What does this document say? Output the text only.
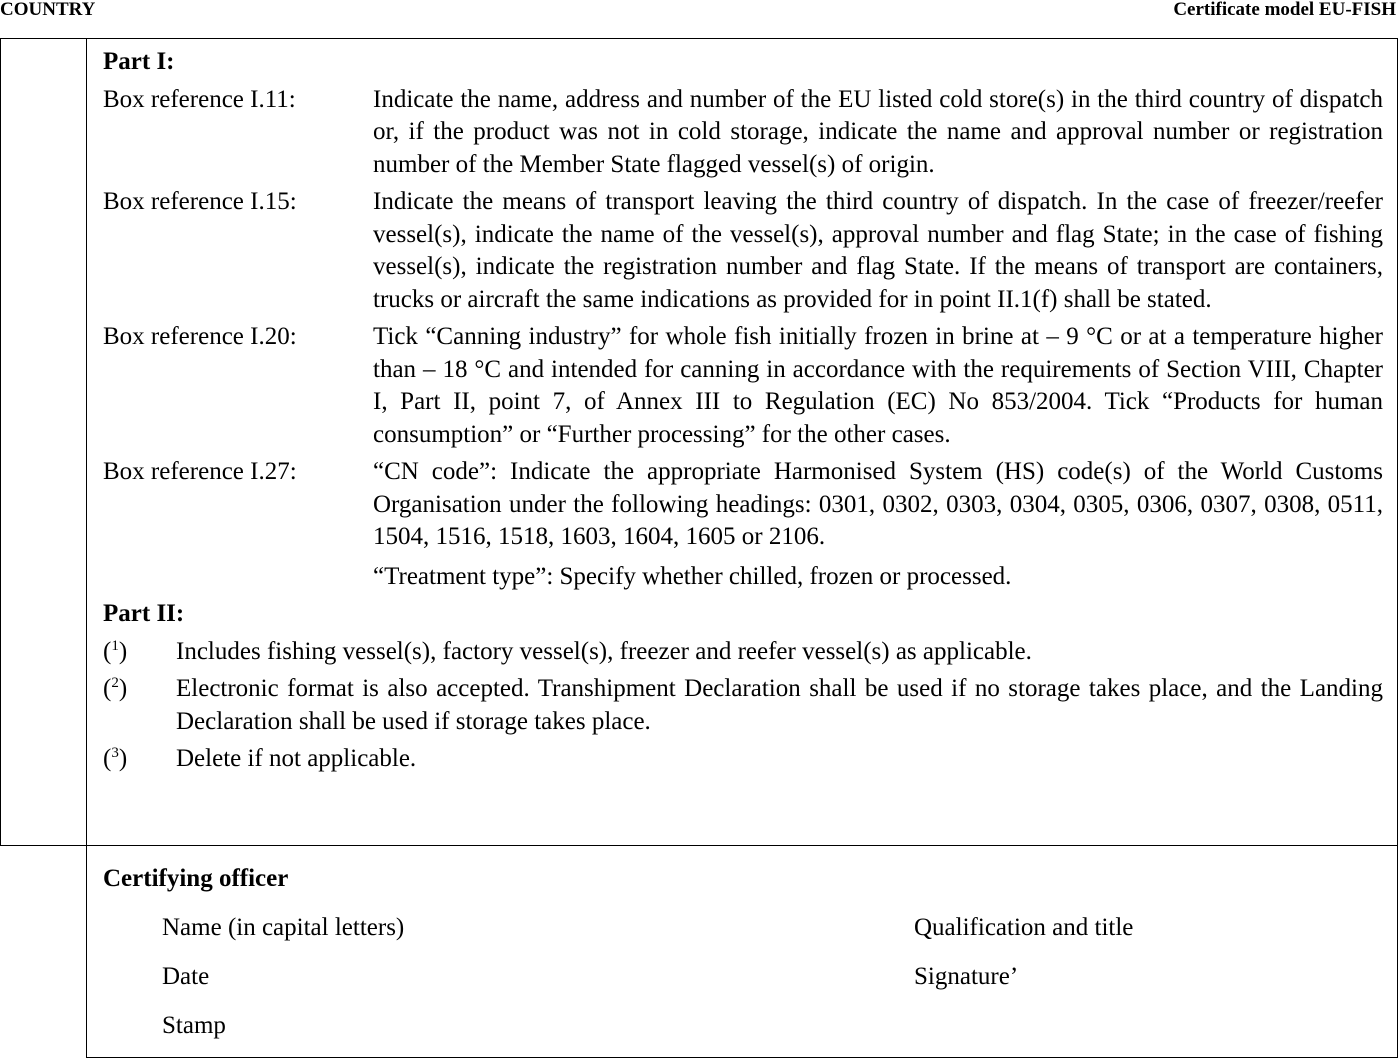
COUNTRY	Certificate model EU-FISH
Part I:
Box reference I.11:	Indicate the name, address and number of the EU listed cold store(s) in the third country of dispatch or, if the product was not in cold storage, indicate the name and approval number or registration number of the Member State flagged vessel(s) of origin.

Box reference I.15:	Indicate the means of transport leaving the third country of dispatch. In the case of freezer/reefer vessel(s), indicate the name of the vessel(s), approval number and flag State; in the case of fishing vessel(s), indicate the registration number and flag State. If the means of transport are containers, trucks or aircraft the same indications as provided for in point II.1(f) shall be stated.

Box reference I.20:	Tick “Canning industry” for whole fish initially frozen in brine at – 9 °C or at a temperature higher than – 18 °C and intended for canning in accordance with the requirements of Section VIII, Chapter I, Part II, point 7, of Annex III to Regulation (EC) No 853/2004. Tick “Products for human consumption” or “Further processing” for the other cases.

Box reference I.27:	“CN code”: Indicate the appropriate Harmonised System (HS) code(s) of the World Customs Organisation under the following headings: 0301, 0302, 0303, 0304, 0305, 0306, 0307, 0308, 0511, 1504, 1516, 1518, 1603, 1604, 1605 or 2106.

“Treatment type”: Specify whether chilled, frozen or processed.

Part II:
($^1$)	Includes fishing vessel(s), factory vessel(s), freezer and reefer vessel(s) as applicable.
($^2$)	Electronic format is also accepted. Transhipment Declaration shall be used if no storage takes place, and the Landing Declaration shall be used if storage takes place.
($^3$)	Delete if not applicable.
Certifying officer
Name (in capital letters)	Qualification and title
Date	Signature’
Stamp
